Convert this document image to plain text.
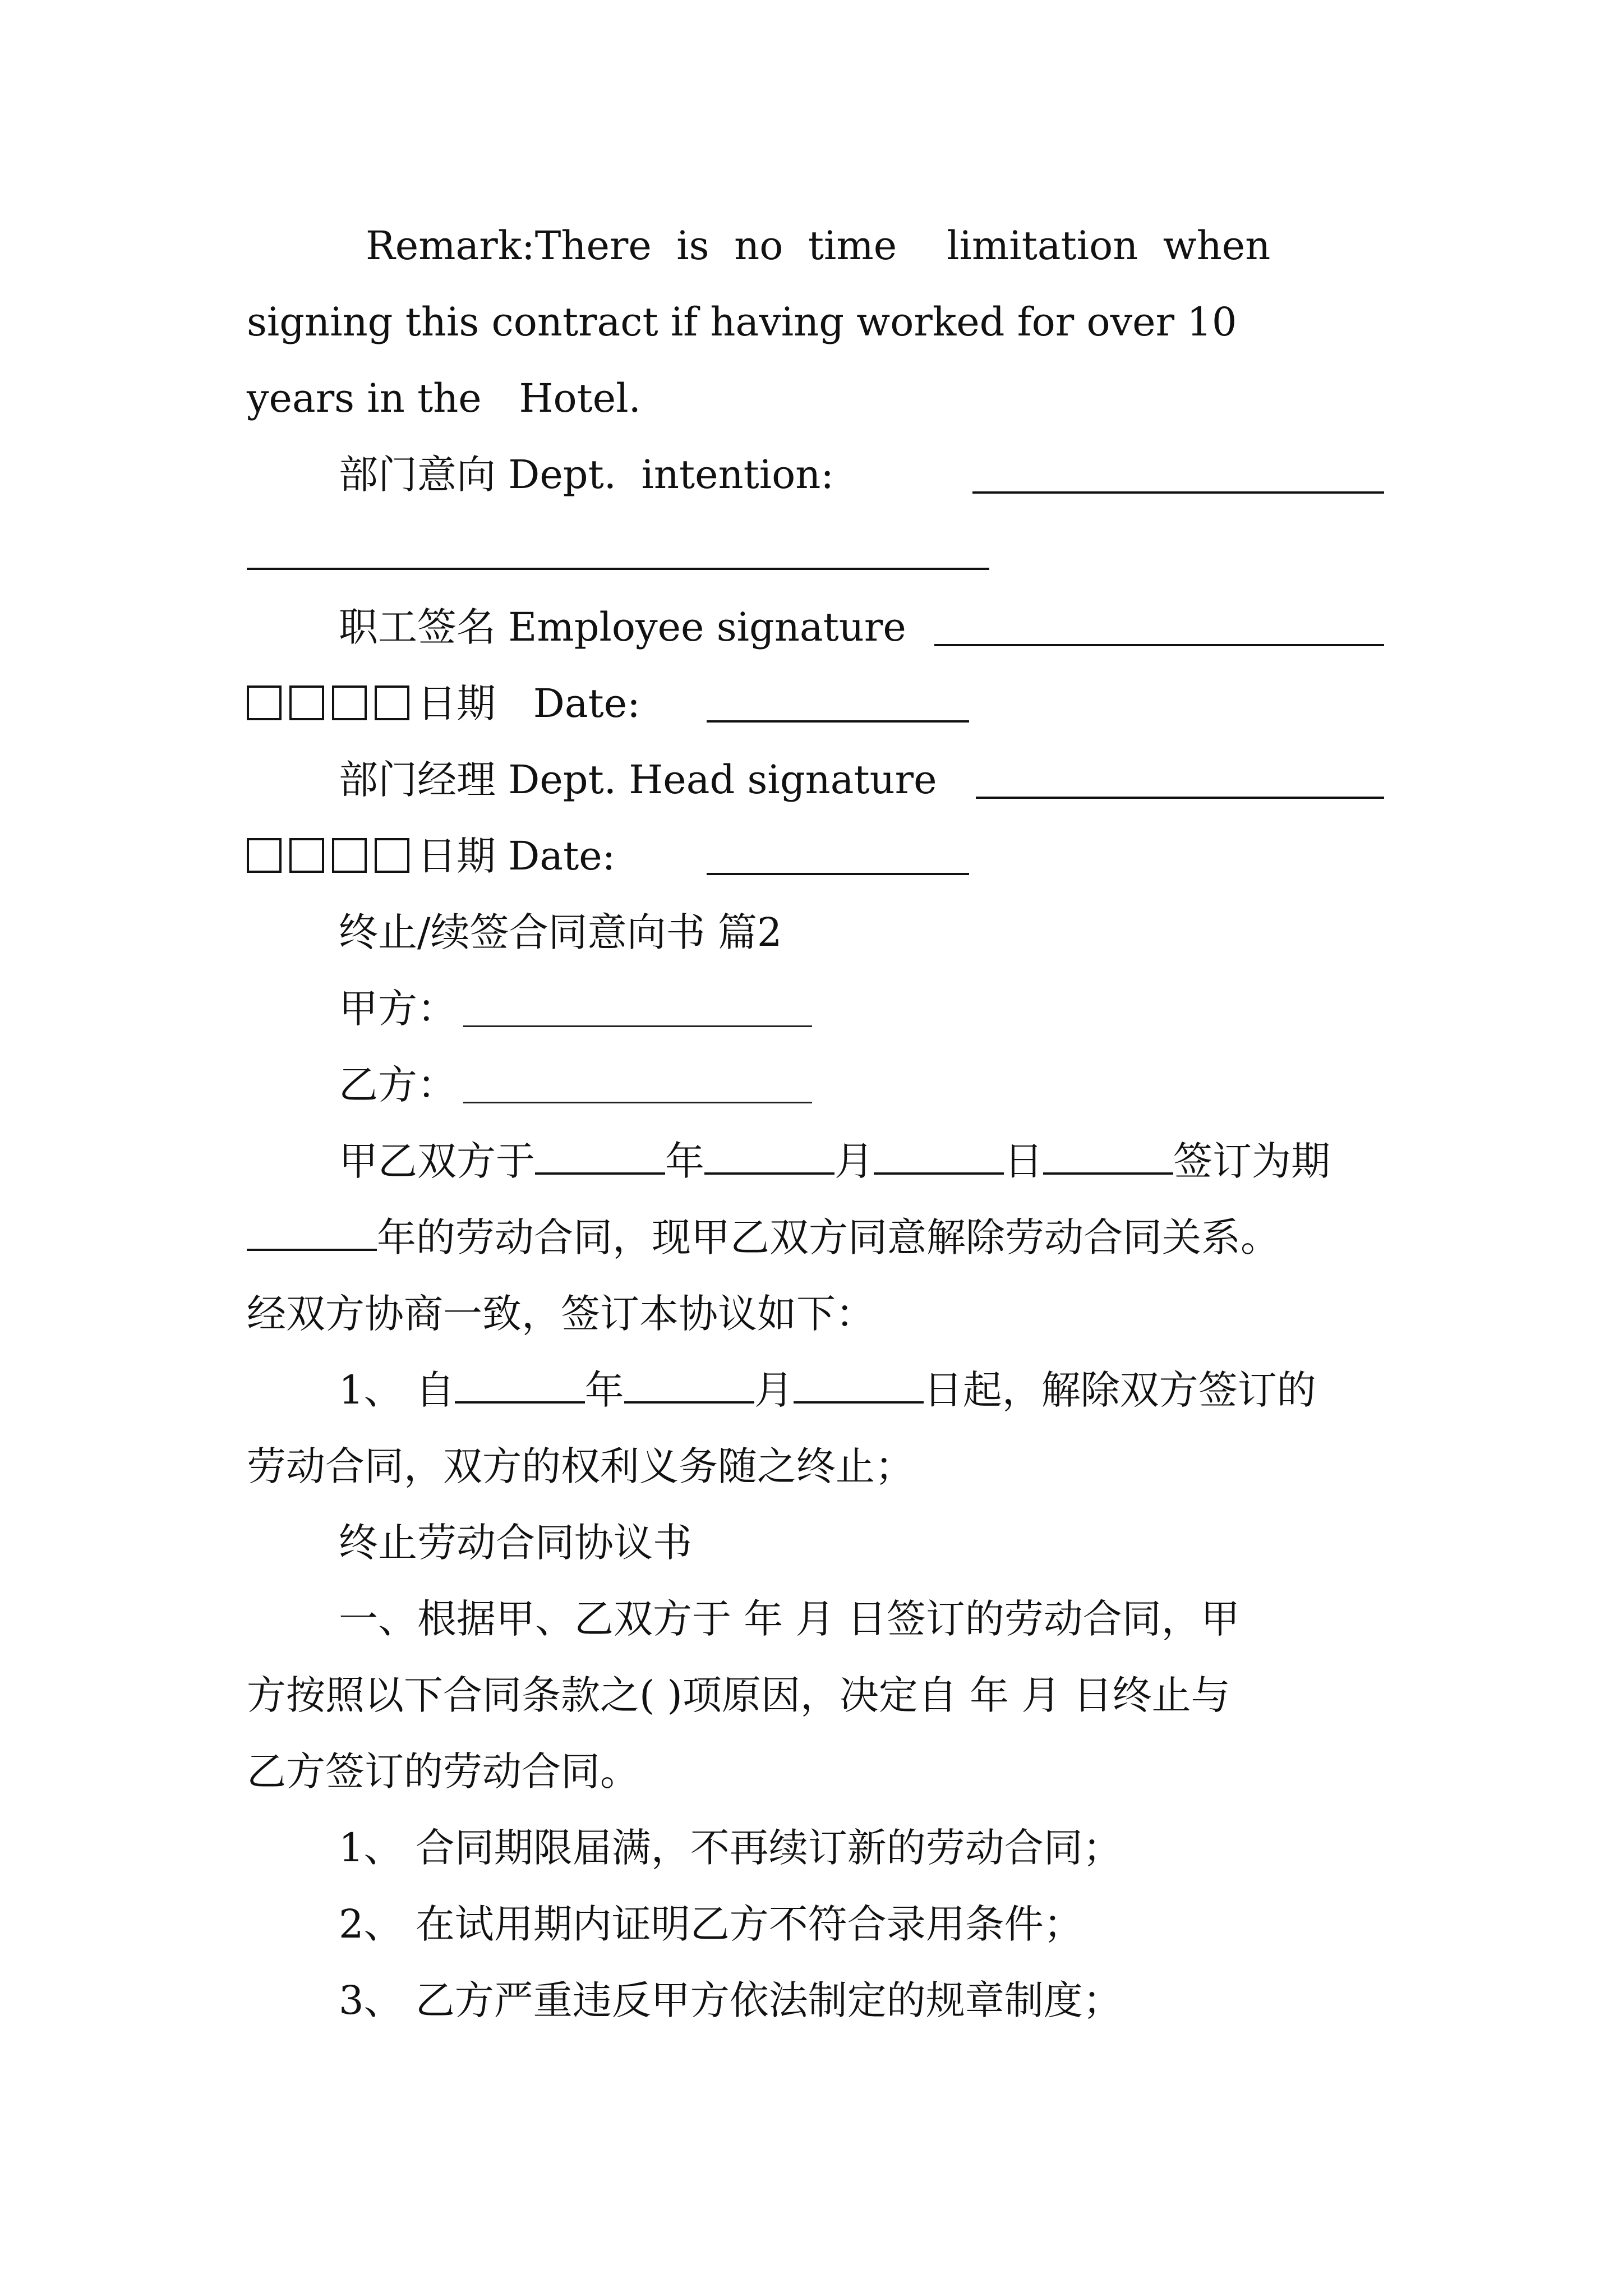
Remark:There  is  no  time    limitation  when
signing this contract if having worked for over 10
years in the   Hotel.
部门意向 Dept.  intention:
职工签名 Employee signature
日期   Date:
部门经理 Dept. Head signature
日期 Date:
终止/续签合同意向书 篇2
甲方：
乙方：
甲乙双方于	年	月	日	签订为期
年的劳动合同，现甲乙双方同意解除劳动合同关系。
经双方协商一致，签订本协议如下：
1、 自	年	月	日起，解除双方签订的
劳动合同，双方的权利义务随之终止；
终止劳动合同协议书
一、根据甲、乙双方于 年 月 日签订的劳动合同，甲
方按照以下合同条款之( )项原因，决定自 年 月 日终止与
乙方签订的劳动合同。
1、 合同期限届满，不再续订新的劳动合同；
2、 在试用期内证明乙方不符合录用条件；
3、 乙方严重违反甲方依法制定的规章制度；
